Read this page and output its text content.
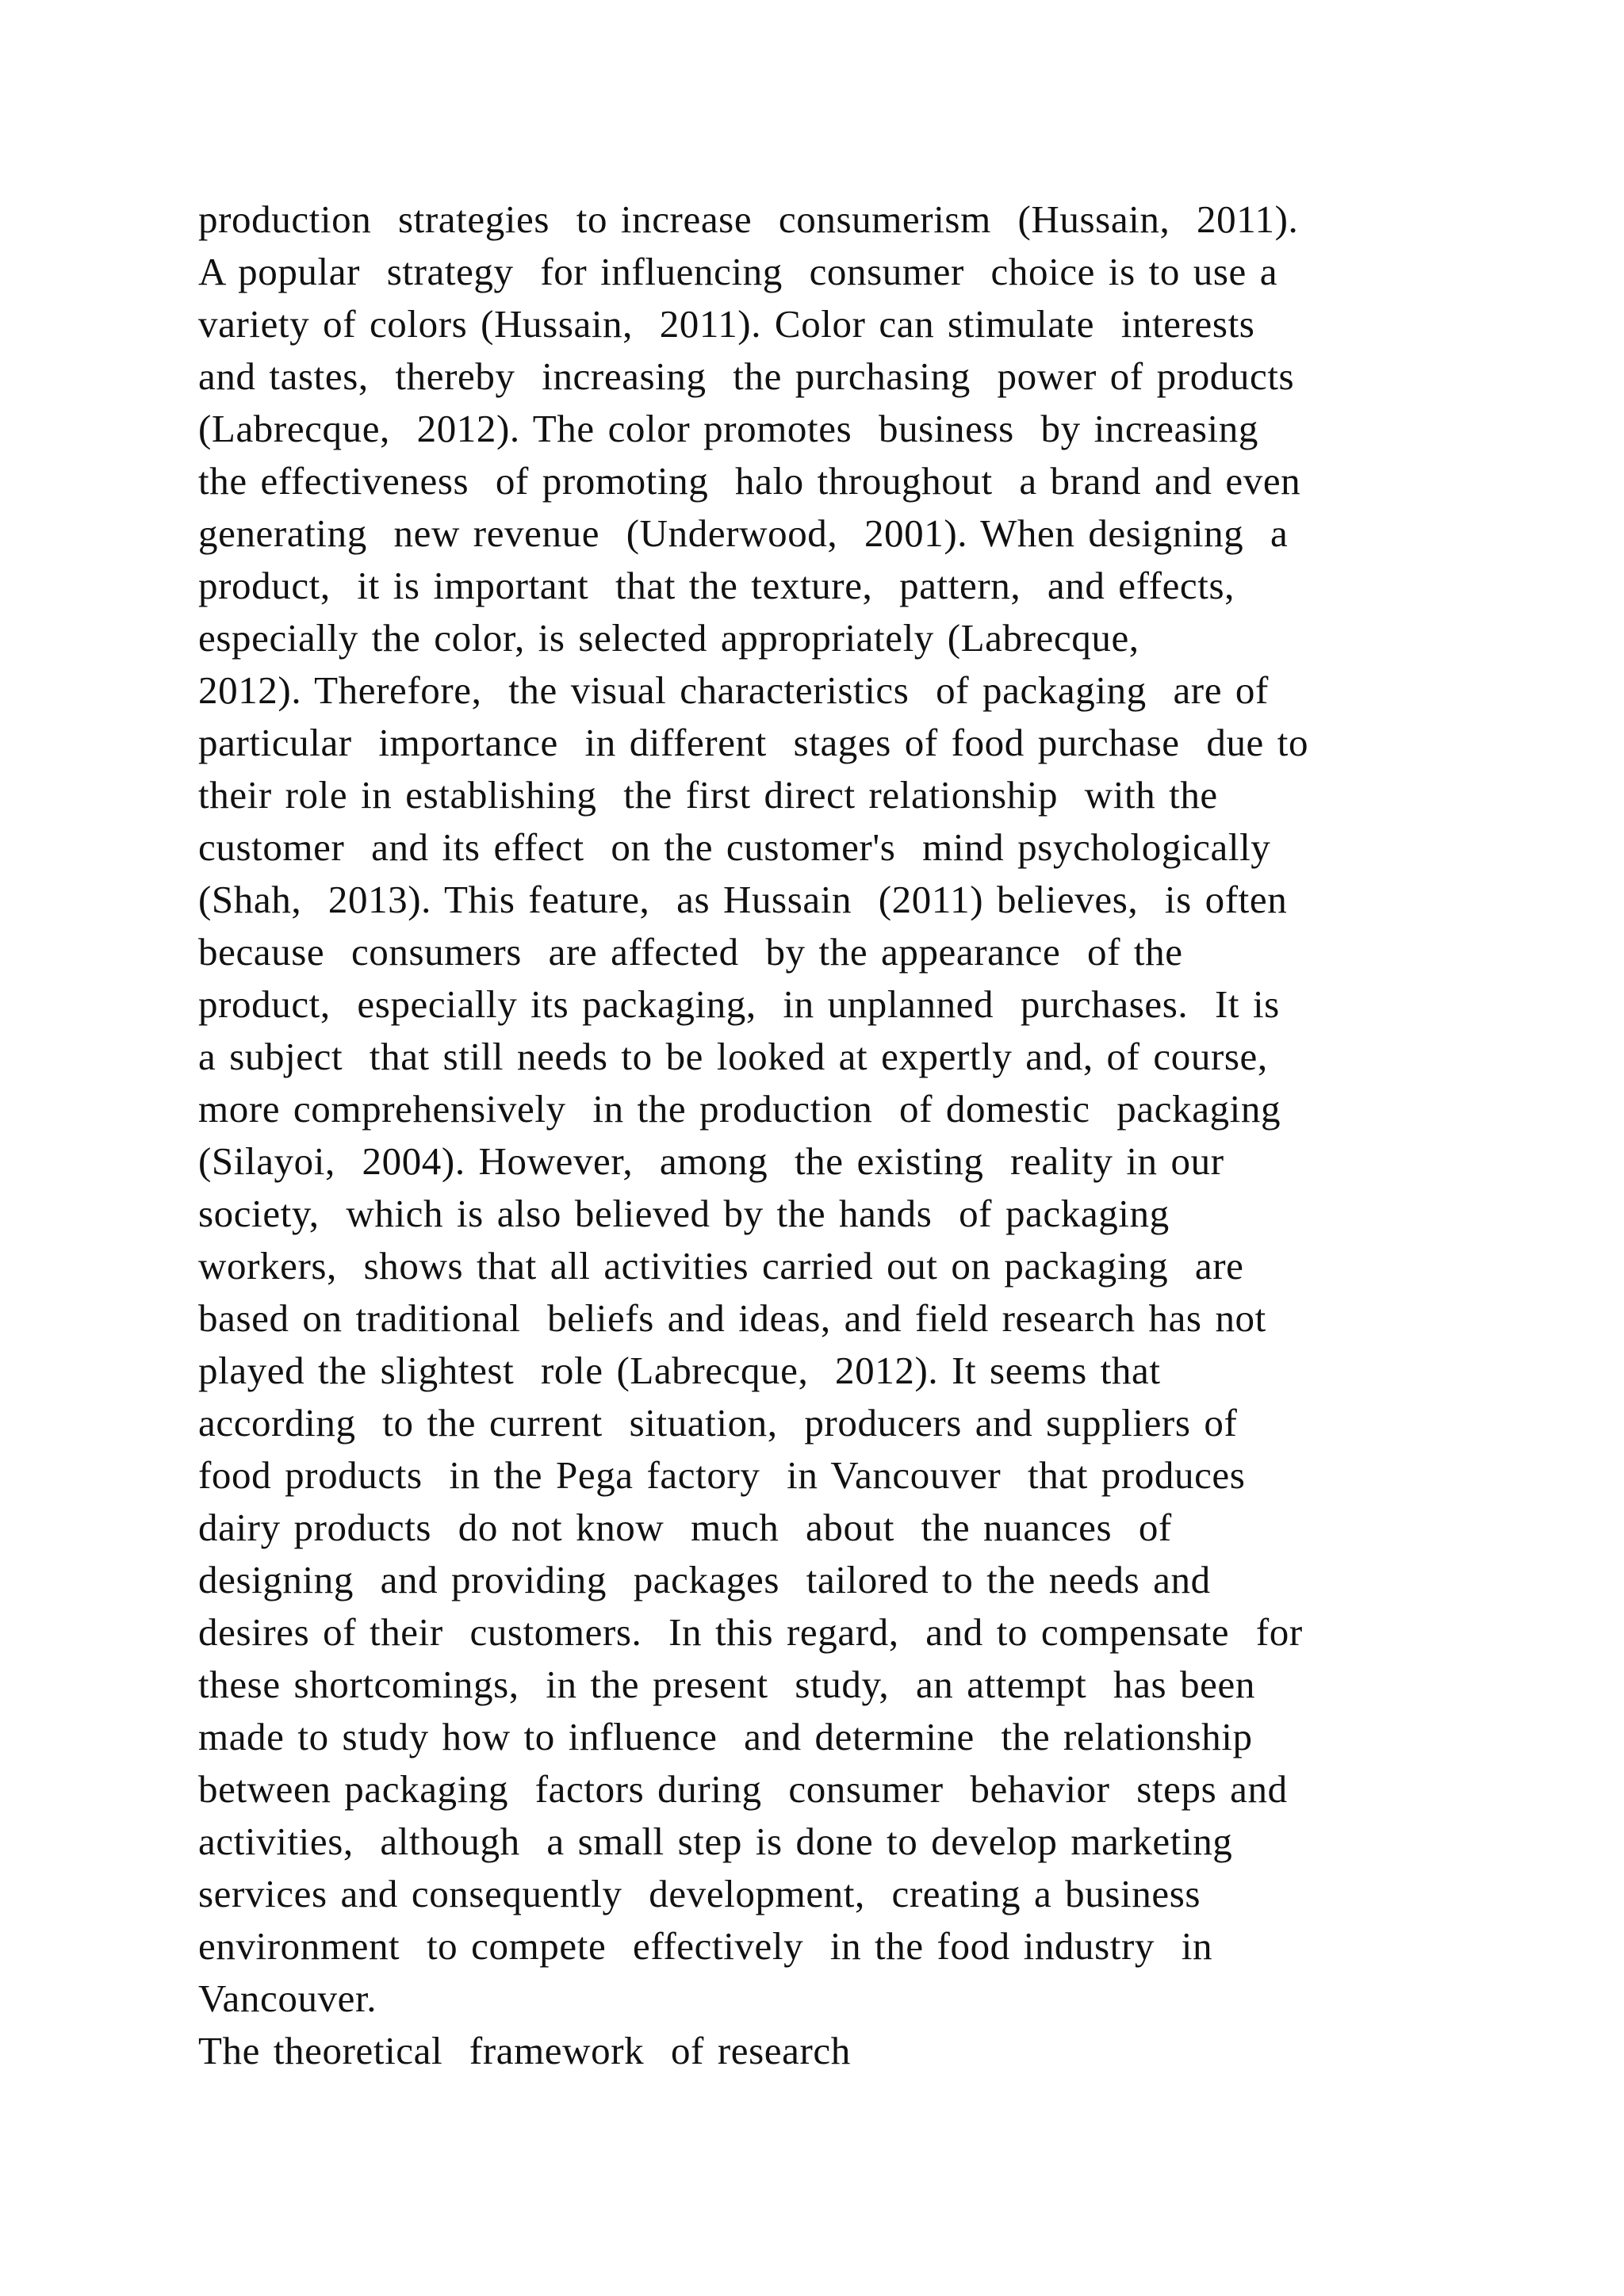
production  strategies  to increase  consumerism  (Hussain,  2011).
A popular  strategy  for influencing  consumer  choice is to use a
variety of colors (Hussain,  2011). Color can stimulate  interests
and tastes,  thereby  increasing  the purchasing  power of products
(Labrecque,  2012). The color promotes  business  by increasing
the effectiveness  of promoting  halo throughout  a brand and even
generating  new revenue  (Underwood,  2001). When designing  a
product,  it is important  that the texture,  pattern,  and effects,
especially the color, is selected appropriately (Labrecque,
2012). Therefore,  the visual characteristics  of packaging  are of
particular  importance  in different  stages of food purchase  due to
their role in establishing  the first direct relationship  with the
customer  and its effect  on the customer's  mind psychologically
(Shah,  2013). This feature,  as Hussain  (2011) believes,  is often
because  consumers  are affected  by the appearance  of the
product,  especially its packaging,  in unplanned  purchases.  It is
a subject  that still needs to be looked at expertly and, of course,
more comprehensively  in the production  of domestic  packaging
(Silayoi,  2004). However,  among  the existing  reality in our
society,  which is also believed by the hands  of packaging
workers,  shows that all activities carried out on packaging  are
based on traditional  beliefs and ideas, and field research has not
played the slightest  role (Labrecque,  2012). It seems that
according  to the current  situation,  producers and suppliers of
food products  in the Pega factory  in Vancouver  that produces
dairy products  do not know  much  about  the nuances  of
designing  and providing  packages  tailored to the needs and
desires of their  customers.  In this regard,  and to compensate  for
these shortcomings,  in the present  study,  an attempt  has been
made to study how to influence  and determine  the relationship
between packaging  factors during  consumer  behavior  steps and
activities,  although  a small step is done to develop marketing
services and consequently  development,  creating a business
environment  to compete  effectively  in the food industry  in
Vancouver.
The theoretical  framework  of research
